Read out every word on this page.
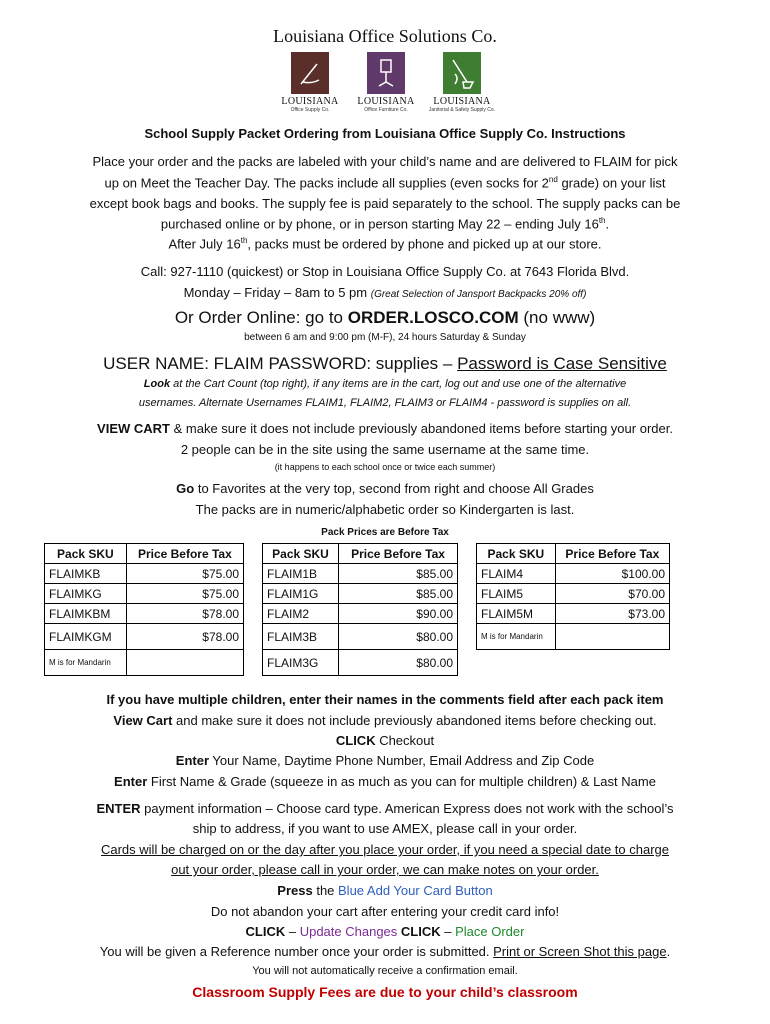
Louisiana Office Solutions Co.
LOUISIANA
Office Supply Co.
LOUISIANA
Office Furniture Co.
LOUISIANA
Janitorial & Safety Supply Co.
School Supply Packet Ordering from Louisiana Office Supply Co. Instructions
Place your order and the packs are labeled with your child’s name and are delivered to FLAIM for pick
up on Meet the Teacher Day. The packs include all supplies (even socks for 2nd grade) on your list
except book bags and books. The supply fee is paid separately to the school. The supply packs can be
purchased online or by phone, or in person starting May 22 – ending July 16th.
After July 16th, packs must be ordered by phone and picked up at our store.
Call: 927-1110 (quickest) or Stop in Louisiana Office Supply Co. at 7643 Florida Blvd.
Monday – Friday – 8am to 5 pm (Great Selection of Jansport Backpacks 20% off)
Or Order Online: go to ORDER.LOSCO.COM (no www)
between 6 am and 9:00 pm (M-F), 24 hours Saturday & Sunday
USER NAME: FLAIM PASSWORD: supplies – Password is Case Sensitive
Look at the Cart Count (top right), if any items are in the cart, log out and use one of the alternative
usernames. Alternate Usernames FLAIM1, FLAIM2, FLAIM3 or FLAIM4 - password is supplies on all.
VIEW CART & make sure it does not include previously abandoned items before starting your order.
2 people can be in the site using the same username at the same time.
(it happens to each school once or twice each summer)
Go to Favorites at the very top, second from right and choose All Grades
The packs are in numeric/alphabetic order so Kindergarten is last.
Pack Prices are Before Tax
Pack SKU	Price Before Tax
FLAIMKB	$75.00
FLAIMKG	$75.00
FLAIMKBM	$78.00
FLAIMKGM	$78.00
M is for Mandarin	
Pack SKU	Price Before Tax
FLAIM1B	$85.00
FLAIM1G	$85.00
FLAIM2	$90.00
FLAIM3B	$80.00
FLAIM3G	$80.00
Pack SKU	Price Before Tax
FLAIM4	$100.00
FLAIM5	$70.00
FLAIM5M	$73.00
M is for Mandarin	
If you have multiple children, enter their names in the comments field after each pack item
View Cart and make sure it does not include previously abandoned items before checking out.
CLICK Checkout
Enter Your Name, Daytime Phone Number, Email Address and Zip Code
Enter First Name & Grade (squeeze in as much as you can for multiple children) & Last Name
ENTER payment information – Choose card type. American Express does not work with the school’s
ship to address, if you want to use AMEX, please call in your order.
Cards will be charged on or the day after you place your order, if you need a special date to charge
out your order, please call in your order, we can make notes on your order.
Press the Blue Add Your Card Button
Do not abandon your cart after entering your credit card info!
CLICK – Update Changes CLICK – Place Order
You will be given a Reference number once your order is submitted. Print or Screen Shot this page.
You will not automatically receive a confirmation email.
Classroom Supply Fees are due to your child’s classroom
